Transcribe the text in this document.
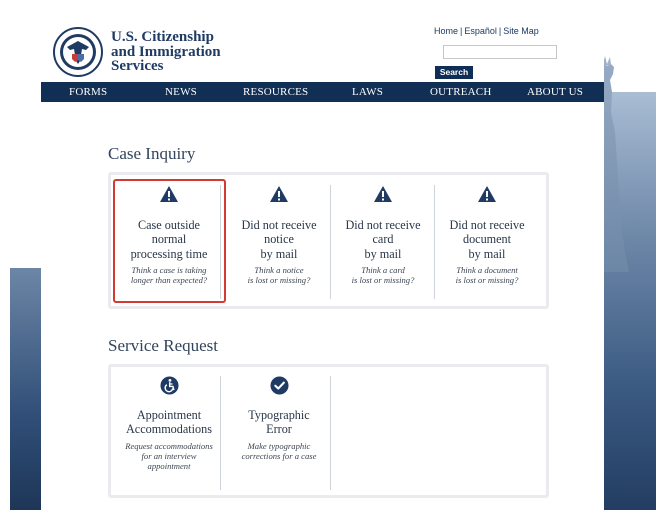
U.S. Citizenship
and Immigration
Services
Home | Español | Site Map
Search
FORMS	NEWS	RESOURCES	LAWS	OUTREACH	ABOUT US
Case Inquiry
Case outside
normal
processing time
Think a case is taking
longer than expected?
Did not receive
notice
by mail
Think a notice
is lost or missing?
Did not receive
card
by mail
Think a card
is lost or missing?
Did not receive
document
by mail
Think a document
is lost or missing?
Service Request
Appointment
Accommodations
Request accommodations
for an interview
appointment
Typographic
Error
Make typographic
corrections for a case
